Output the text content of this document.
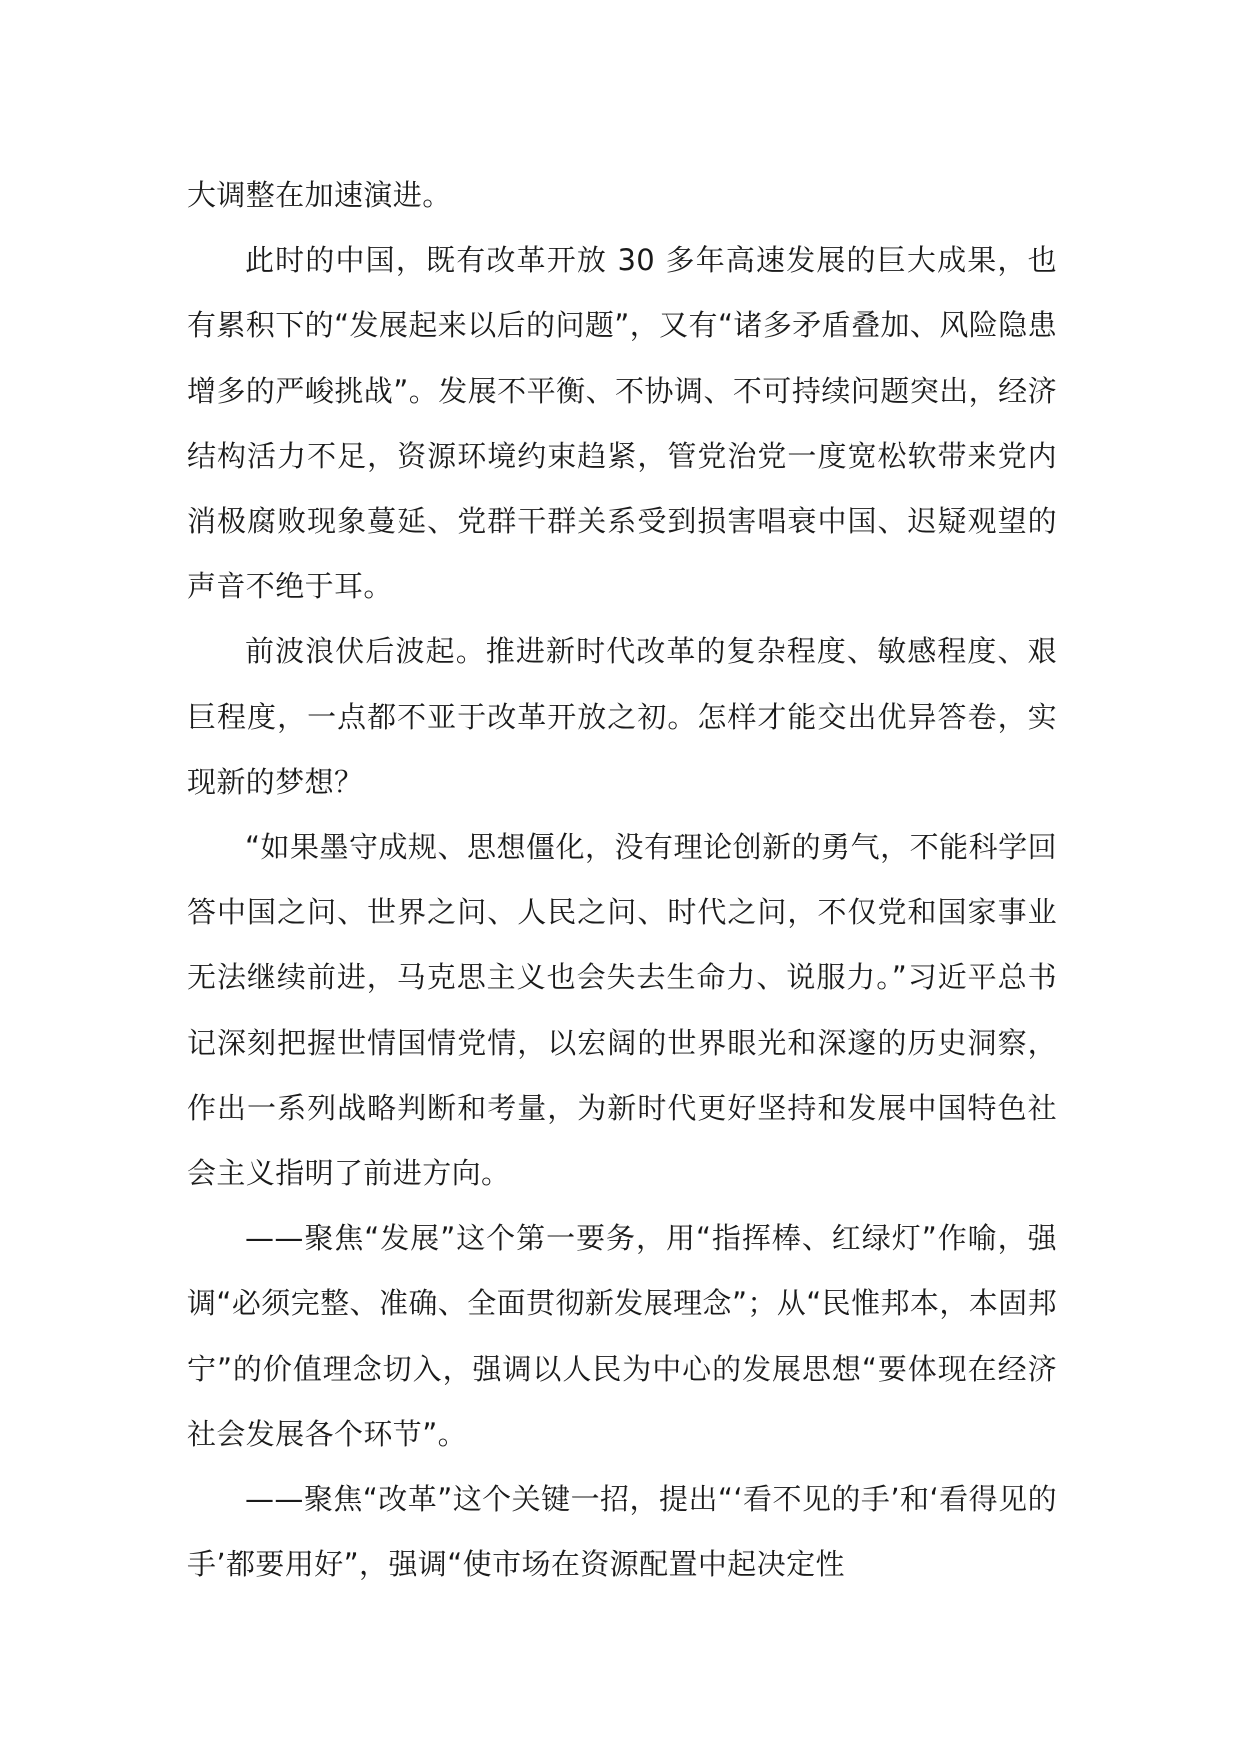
大调整在加速演进。

此时的中国，既有改革开放 30 多年高速发展的巨大成果，也有累积下的“发展起来以后的问题”，又有“诸多矛盾叠加、风险隐患增多的严峻挑战”。发展不平衡、不协调、不可持续问题突出，经济结构活力不足，资源环境约束趋紧，管党治党一度宽松软带来党内消极腐败现象蔓延、党群干群关系受到损害唱衰中国、迟疑观望的声音不绝于耳。

前波浪伏后波起。推进新时代改革的复杂程度、敏感程度、艰巨程度，一点都不亚于改革开放之初。怎样才能交出优异答卷，实现新的梦想？

“如果墨守成规、思想僵化，没有理论创新的勇气，不能科学回答中国之问、世界之问、人民之问、时代之问，不仅党和国家事业无法继续前进，马克思主义也会失去生命力、说服力。”习近平总书记深刻把握世情国情党情，以宏阔的世界眼光和深邃的历史洞察，作出一系列战略判断和考量，为新时代更好坚持和发展中国特色社会主义指明了前进方向。

——聚焦“发展”这个第一要务，用“指挥棒、红绿灯”作喻，强调“必须完整、准确、全面贯彻新发展理念”；从“民惟邦本，本固邦宁”的价值理念切入，强调以人民为中心的发展思想“要体现在经济社会发展各个环节”。

——聚焦“改革”这个关键一招，提出“‘看不见的手’和‘看得见的手’都要用好”，强调“使市场在资源配置中起决定性
